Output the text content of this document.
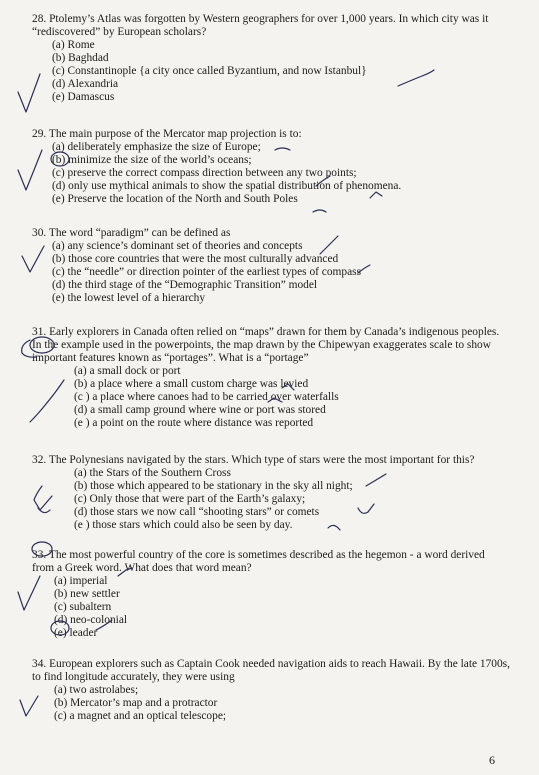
28. Ptolemy’s Atlas was forgotten by Western geographers for over 1,000 years. In which city was it “rediscovered” by European scholars?

(a) Rome

(b) Baghdad

(c) Constantinople {a city once called Byzantium, and now Istanbul}

(d) Alexandria

(e) Damascus

29. The main purpose of the Mercator map projection is to:

(a) deliberately emphasize the size of Europe;

(b) minimize the size of the world’s oceans;

(c) preserve the correct compass direction between any two points;

(d) only use mythical animals to show the spatial distribution of phenomena.

(e) Preserve the location of the North and South Poles

30. The word “paradigm” can be defined as

(a) any science’s dominant set of theories and concepts

(b) those core countries that were the most culturally advanced

(c) the “needle” or direction pointer of the earliest types of compass

(d) the third stage of the “Demographic Transition” model

(e) the lowest level of a hierarchy

31. Early explorers in Canada often relied on “maps” drawn for them by Canada’s indigenous peoples. In the example used in the powerpoints, the map drawn by the Chipewyan exaggerates scale to show important features known as “portages”. What is a “portage”

(a) a small dock or port

(b) a place where a small custom charge was levied

(c ) a place where canoes had to be carried over waterfalls

(d) a small camp ground where wine or port was stored

(e ) a point on the route where distance was reported

32. The Polynesians navigated by the stars. Which type of stars were the most important for this?

(a) the Stars of the Southern Cross

(b) those which appeared to be stationary in the sky all night;

(c) Only those that were part of the Earth’s galaxy;

(d) those stars we now call “shooting stars” or comets

(e ) those stars which could also be seen by day.

33. The most powerful country of the core is sometimes described as the hegemon - a word derived from a Greek word. What does that word mean?

(a) imperial

(b) new settler

(c) subaltern

(d) neo-colonial

(e) leader

34. European explorers such as Captain Cook needed navigation aids to reach Hawaii. By the late 1700s, to find longitude accurately, they were using

(a) two astrolabes;

(b) Mercator’s map and a protractor

(c) a magnet and an optical telescope;

6
